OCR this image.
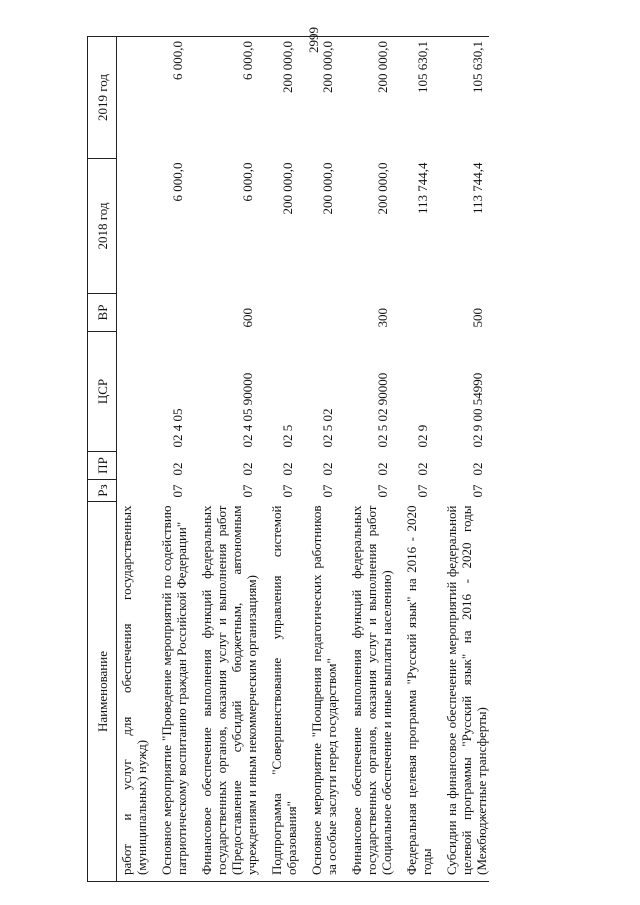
2999
Наименование	Рз	ПР	ЦСР	ВР	2018 год	2019 год
работ и услуг для обеспечения государственных (муниципальных) нужд)						
Основное мероприятие "Проведение мероприятий по содействию патриотическому воспитанию граждан Российской Федерации"	07	02	02 4 05		6 000,0	6 000,0
Финансовое обеспечение выполнения функций федеральных государственных органов, оказания услуг и выполнения работ (Предоставление субсидий бюджетным, автономным учреждениям и иным некоммерческим организациям)	07	02	02 4 05 90000	600	6 000,0	6 000,0
Подпрограмма "Совершенствование управления системой образования"	07	02	02 5		200 000,0	200 000,0
Основное мероприятие "Поощрения педагогических работников за особые заслуги перед государством"	07	02	02 5 02		200 000,0	200 000,0
Финансовое обеспечение выполнения функций федеральных государственных органов, оказания услуг и выполнения работ (Социальное обеспечение и иные выплаты населению)	07	02	02 5 02 90000	300	200 000,0	200 000,0
Федеральная целевая программа "Русский язык" на 2016 - 2020 годы	07	02	02 9		113 744,4	105 630,1
Субсидии на финансовое обеспечение мероприятий федеральной целевой программы "Русский язык" на 2016 - 2020 годы (Межбюджетные трансферты)	07	02	02 9 00 54990	500	113 744,4	105 630,1
